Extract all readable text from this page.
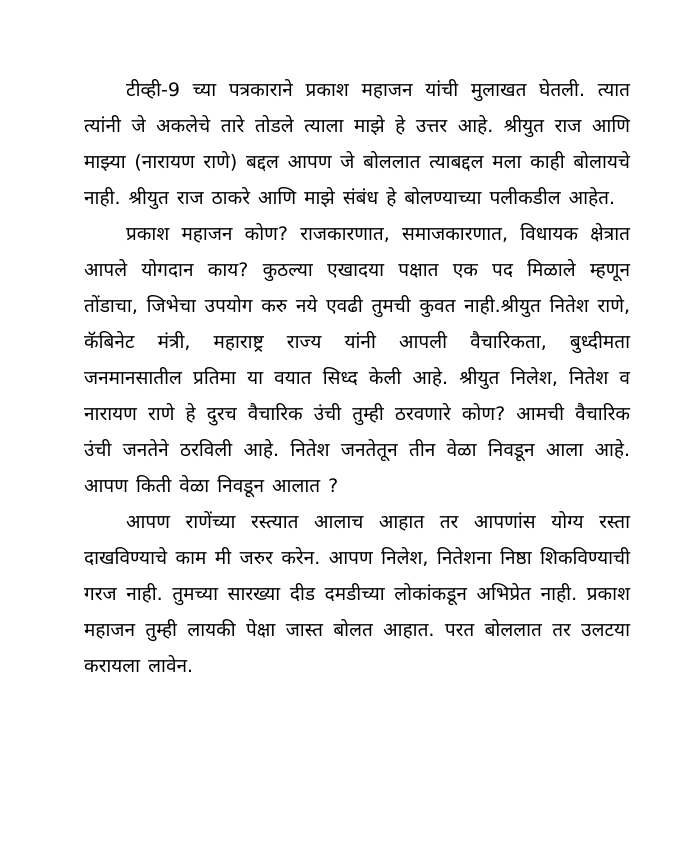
टीव्ही-9 च्या पत्रकाराने प्रकाश महाजन यांची मुलाखत घेतली. त्यात त्यांनी जे अकलेचे तारे तोडले त्याला माझे हे उत्तर आहे. श्रीयुत राज आणि माझ्या (नारायण राणे) बद्दल आपण जे बोललात त्याबद्दल मला काही बोलायचे नाही. श्रीयुत राज ठाकरे आणि माझे संबंध हे बोलण्याच्या पलीकडील आहेत.

प्रकाश महाजन कोण? राजकारणात, समाजकारणात, विधायक क्षेत्रात आपले योगदान काय? कुठल्या एखादया पक्षात एक पद मिळाले म्हणून तोंडाचा, जिभेचा उपयोग करु नये एवढी तुमची कुवत नाही.श्रीयुत नितेश राणे, कॅबिनेट मंत्री, महाराष्ट्र राज्य यांनी आपली वैचारिकता, बुध्दीमता जनमानसातील प्रतिमा या वयात सिध्द केली आहे. श्रीयुत निलेश, नितेश व नारायण राणे हे दुरच वैचारिक उंची तुम्ही ठरवणारे कोण? आमची वैचारिक उंची जनतेने ठरविली आहे. नितेश जनतेतून तीन वेळा निवडून आला आहे. आपण किती वेळा निवडून आलात ?

आपण राणेंच्या रस्त्यात आलाच आहात तर आपणांस योग्य रस्ता दाखविण्याचे काम मी जरुर करेन. आपण निलेश, नितेशना निष्ठा शिकविण्याची गरज नाही. तुमच्या सारख्या दीड दमडीच्या लोकांकडून अभिप्रेत नाही. प्रकाश महाजन तुम्ही लायकी पेक्षा जास्त बोलत आहात. परत बोललात तर उलटया करायला लावेन.
